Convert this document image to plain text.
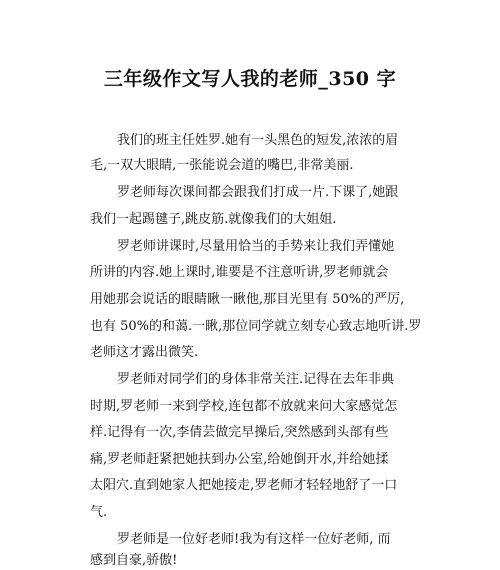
三年级作文写人我的老师_350 字
我们的班主任姓罗.她有一头黑色的短发,浓浓的眉
毛,一双大眼睛,一张能说会道的嘴巴,非常美丽.
罗老师每次课间都会跟我们打成一片.下课了,她跟
我们一起踢毽子,跳皮筋.就像我们的大姐姐.
罗老师讲课时,尽量用恰当的手势来让我们弄懂她
所讲的内容.她上课时,谁要是不注意听讲,罗老师就会
用她那会说话的眼睛瞅一瞅他,那目光里有 50%的严厉,
也有 50%的和蔼.一瞅,那位同学就立刻专心致志地听讲.罗
老师这才露出微笑.
罗老师对同学们的身体非常关注.记得在去年非典
时期,罗老师一来到学校,连包都不放就来问大家感觉怎
样.记得有一次,李倩芸做完早操后,突然感到头部有些
痛,罗老师赶紧把她扶到办公室,给她倒开水,并给她揉
太阳穴.直到她家人把她接走,罗老师才轻轻地舒了一口
气.
罗老师是一位好老师!我为有这样一位好老师, 而
感到自豪,骄傲!
